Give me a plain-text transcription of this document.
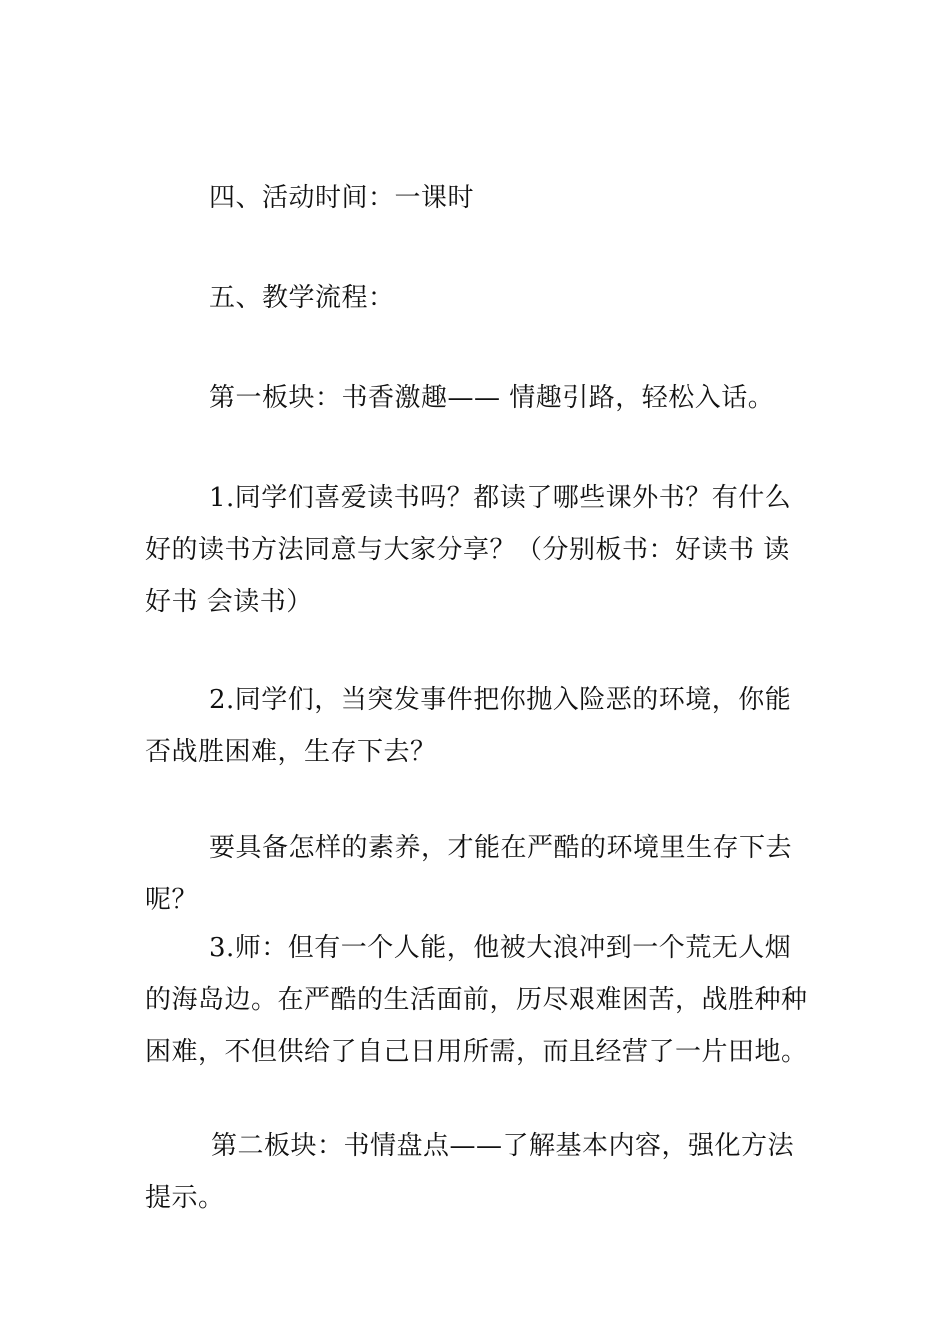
四、活动时间：一课时

五、教学流程：

第一板块：书香激趣—— 情趣引路，轻松入话。

1.同学们喜爱读书吗？都读了哪些课外书？有什么好的读书方法同意与大家分享？（分别板书：好读书 读好书 会读书）

2.同学们，当突发事件把你抛入险恶的环境，你能否战胜困难，生存下去？

要具备怎样的素养，才能在严酷的环境里生存下去呢？

3.师：但有一个人能，他被大浪冲到一个荒无人烟的海岛边。在严酷的生活面前，历尽艰难困苦，战胜种种困难，不但供给了自己日用所需，而且经营了一片田地。

第二板块：书情盘点——了解基本内容，强化方法提示。
